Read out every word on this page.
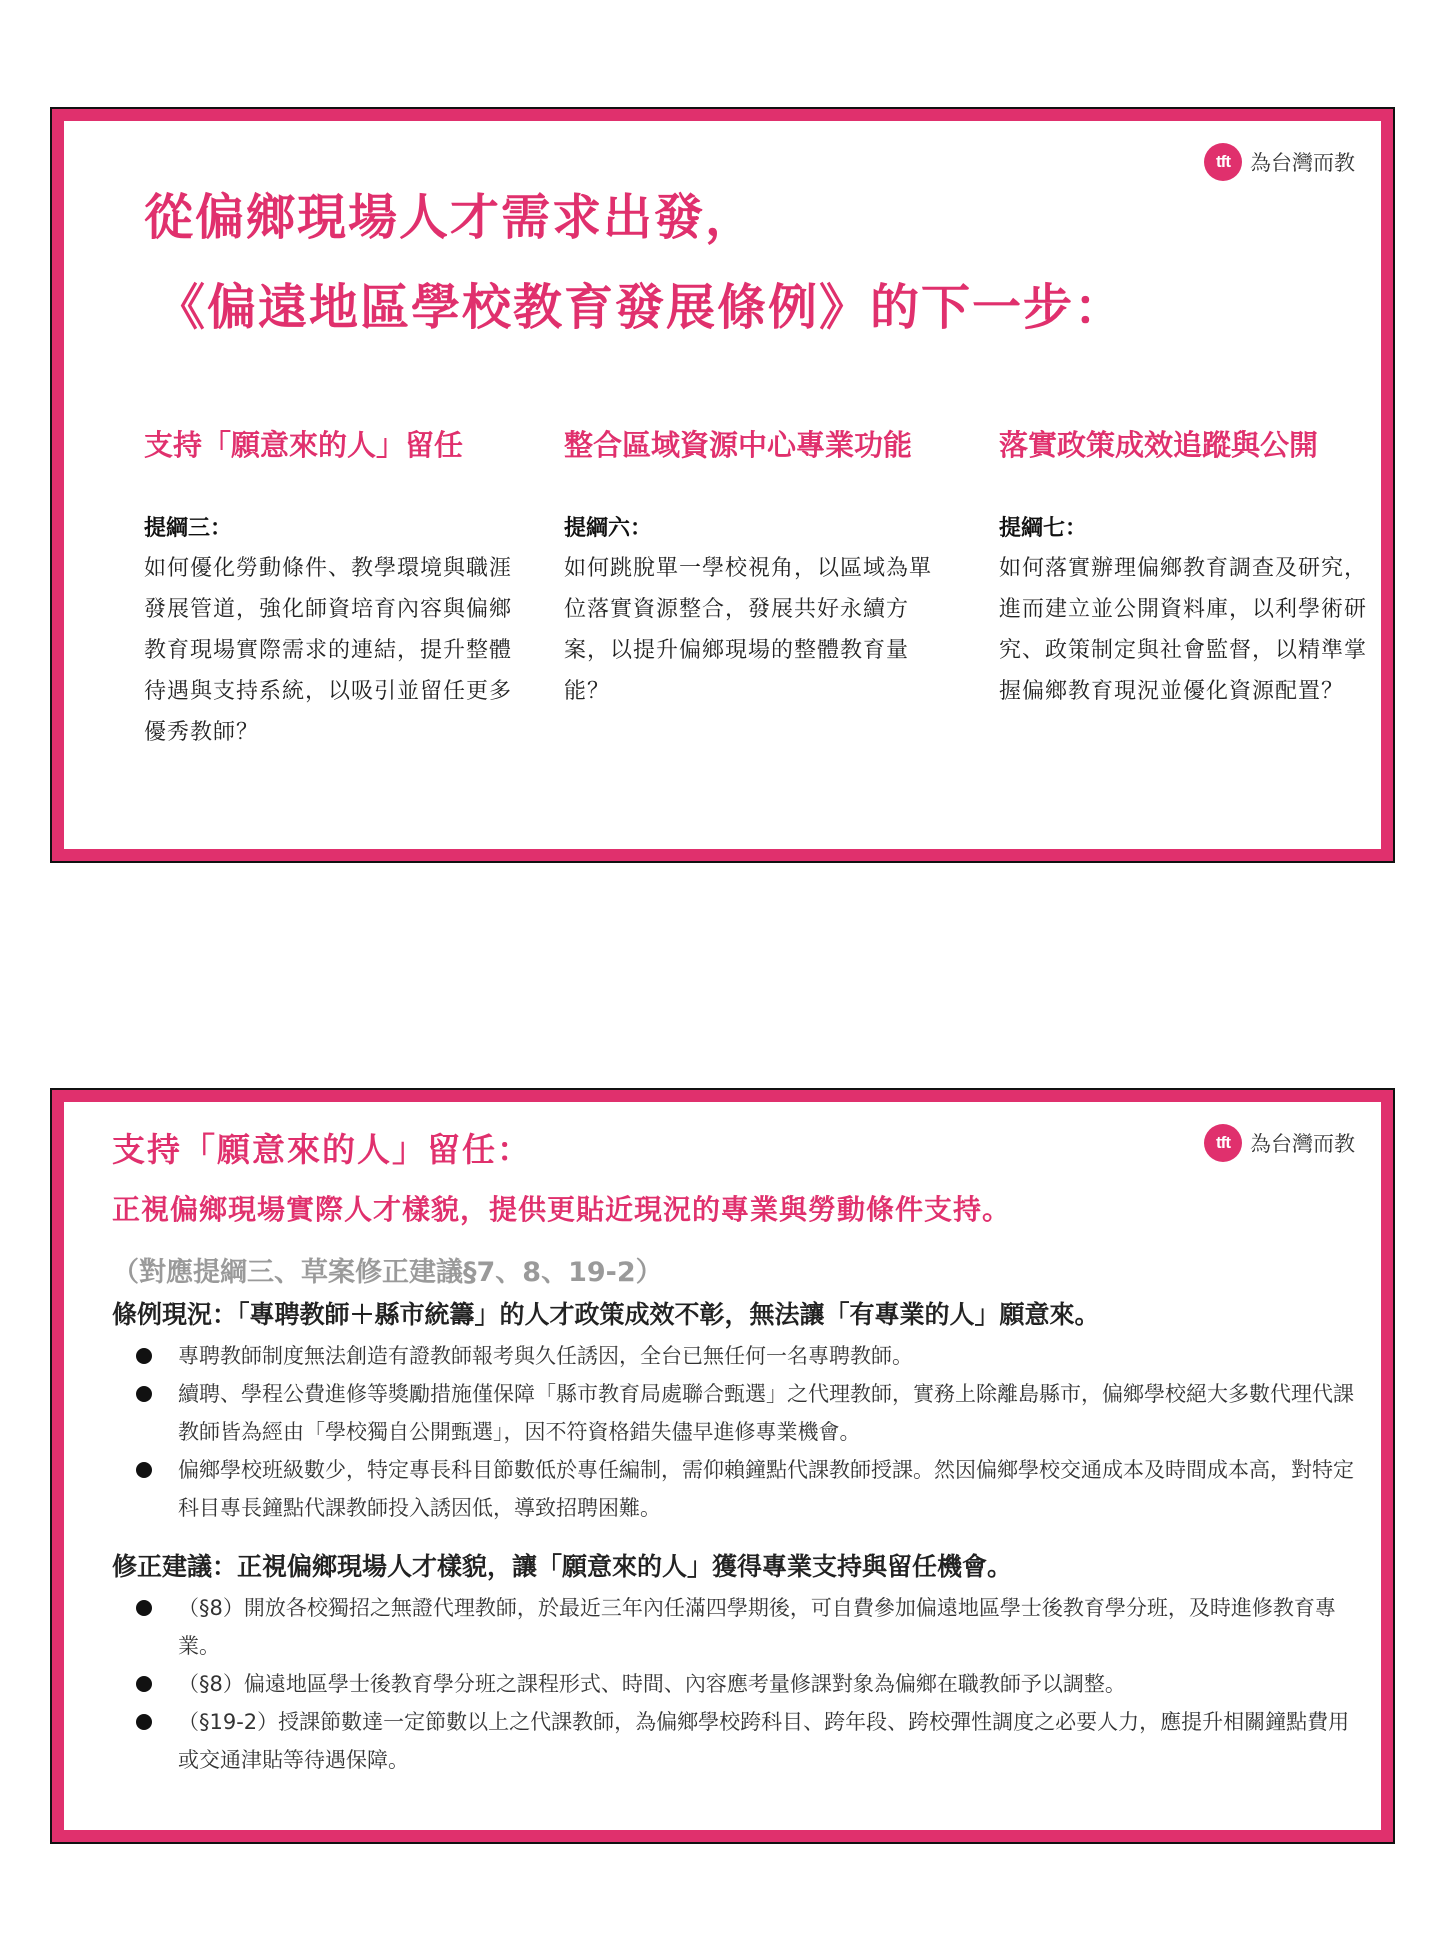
tft 為台灣而教
從偏鄉現場人才需求出發，
《偏遠地區學校教育發展條例》的下一步：
支持「願意來的人」留任
提綱三：
如何優化勞動條件、教學環境與職涯發展管道，強化師資培育內容與偏鄉教育現場實際需求的連結，提升整體待遇與支持系統，以吸引並留任更多優秀教師？
整合區域資源中心專業功能
提綱六：
如何跳脫單一學校視角，以區域為單位落實資源整合，發展共好永續方案，以提升偏鄉現場的整體教育量能？
落實政策成效追蹤與公開
提綱七：
如何落實辦理偏鄉教育調查及研究，進而建立並公開資料庫，以利學術研究、政策制定與社會監督，以精準掌握偏鄉教育現況並優化資源配置？
tft 為台灣而教
支持「願意來的人」留任：
正視偏鄉現場實際人才樣貌，提供更貼近現況的專業與勞動條件支持。
（對應提綱三、草案修正建議§7、8、19-2）
條例現況：「專聘教師＋縣市統籌」的人才政策成效不彰，無法讓「有專業的人」願意來。
專聘教師制度無法創造有證教師報考與久任誘因，全台已無任何一名專聘教師。
續聘、學程公費進修等獎勵措施僅保障「縣市教育局處聯合甄選」之代理教師，實務上除離島縣市，偏鄉學校絕大多數代理代課教師皆為經由「學校獨自公開甄選」，因不符資格錯失儘早進修專業機會。
偏鄉學校班級數少，特定專長科目節數低於專任編制，需仰賴鐘點代課教師授課。然因偏鄉學校交通成本及時間成本高，對特定科目專長鐘點代課教師投入誘因低，導致招聘困難。
修正建議：正視偏鄉現場人才樣貌，讓「願意來的人」獲得專業支持與留任機會。
（§8）開放各校獨招之無證代理教師，於最近三年內任滿四學期後，可自費參加偏遠地區學士後教育學分班，及時進修教育專業。
（§8）偏遠地區學士後教育學分班之課程形式、時間、內容應考量修課對象為偏鄉在職教師予以調整。
（§19-2）授課節數達一定節數以上之代課教師，為偏鄉學校跨科目、跨年段、跨校彈性調度之必要人力，應提升相關鐘點費用或交通津貼等待遇保障。
